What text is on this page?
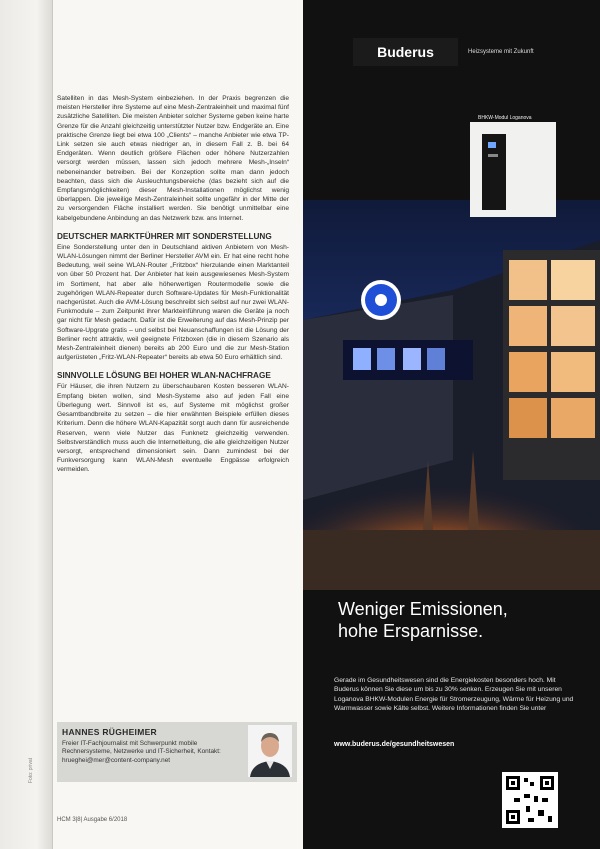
Satelliten in das Mesh-System einbeziehen. In der Praxis begrenzen die meisten Hersteller ihre Systeme auf eine Mesh-Zentraleinheit und maximal fünf zusätzliche Satelliten. Die meisten Anbieter solcher Systeme geben keine harte Grenze für die Anzahl gleichzeitig unterstützter Nutzer bzw. Endgeräte an. Eine praktische Grenze liegt bei etwa 100 „Clients“ – manche Anbieter wie etwa TP-Link setzen sie auch etwas niedriger an, in diesem Fall z. B. bei 64 Endgeräten. Wenn deutlich größere Flächen oder höhere Nutzerzahlen versorgt werden müssen, lassen sich jedoch mehrere Mesh-„Inseln“ nebeneinander betreiben. Bei der Konzeption sollte man dann jedoch beachten, dass sich die Ausleuchtungsbereiche (das bezieht sich auf die Empfangsmöglichkeiten) dieser Mesh-Installationen möglichst wenig überlappen. Die jeweilige Mesh-Zentraleinheit sollte ungefähr in der Mitte der zu versorgenden Fläche installiert werden. Sie benötigt unmittelbar eine kabelgebundene Anbindung an das Netzwerk bzw. ans Internet.

DEUTSCHER MARKTFÜHRER MIT SONDERSTELLUNG

Eine Sonderstellung unter den in Deutschland aktiven Anbietern von Mesh-WLAN-Lösungen nimmt der Berliner Hersteller AVM ein. Er hat eine recht hohe Bedeutung, weil seine WLAN-Router „Fritzbox“ hierzulande einen Marktanteil von über 50 Prozent hat. Der Anbieter hat kein ausgewiesenes Mesh-System im Sortiment, hat aber alle höherwertigen Routermodelle sowie die zugehörigen WLAN-Repeater durch Software-Updates für Mesh-Funktionalität nachgerüstet. Auch die AVM-Lösung beschreibt sich selbst auf nur zwei WLAN-Funkmodule – zum Zeitpunkt ihrer Markteinführung waren die Geräte ja noch gar nicht für Mesh gedacht. Dafür ist die Erweiterung auf das Mesh-Prinzip per Software-Upgrate gratis – und selbst bei Neuanschaffungen ist die Lösung der Berliner recht attraktiv, weil geeignete Fritzboxen (die in diesem Szenario als Mesh-Zentraleinheit dienen) bereits ab 200 Euro und die zur Mesh-Station aufgerüsteten „Fritz-WLAN-Repeater“ bereits ab etwa 50 Euro erhältlich sind.

SINNVOLLE LÖSUNG BEI HOHER WLAN-NACHFRAGE

Für Häuser, die ihren Nutzern zu überschaubaren Kosten besseren WLAN-Empfang bieten wollen, sind Mesh-Systeme also auf jeden Fall eine Überlegung wert. Sinnvoll ist es, auf Systeme mit möglichst großer Gesamtbandbreite zu setzen – die hier erwähnten Beispiele erfüllen dieses Kriterium. Denn die höhere WLAN-Kapazität sorgt auch dann für ausreichende Reserven, wenn viele Nutzer das Funknetz gleichzeitig verwenden. Selbstverständlich muss auch die Internetleitung, die alle gleichzeitigen Nutzer versorgt, entsprechend dimensioniert sein. Dann zumindest bei der Funkversorgung kann WLAN-Mesh eventuelle Engpässe erfolgreich vermeiden.

HANNES RÜGHEIMER
Freier IT-Fachjournalist mit Schwerpunkt mobile Rechnersysteme, Netzwerke und IT-Sicherheit, Kontakt: hrueghei@mer@content-company.net
Foto: privat
HCM 3|8| Ausgabe 6/2018
Buderus	Heizsysteme mit Zukunft
BHKW-Modul Loganova
Weniger Emissionen,
hohe Ersparnisse.
Gerade im Gesundheitswesen sind die Energiekosten besonders hoch. Mit Buderus können Sie diese um bis zu 30% senken. Erzeugen Sie mit unseren Loganova BHKW-Modulen Energie für Stromerzeugung, Wärme für Heizung und Warmwasser sowie Kälte selbst. Weitere Informationen finden Sie unter
www.buderus.de/gesundheitswesen
